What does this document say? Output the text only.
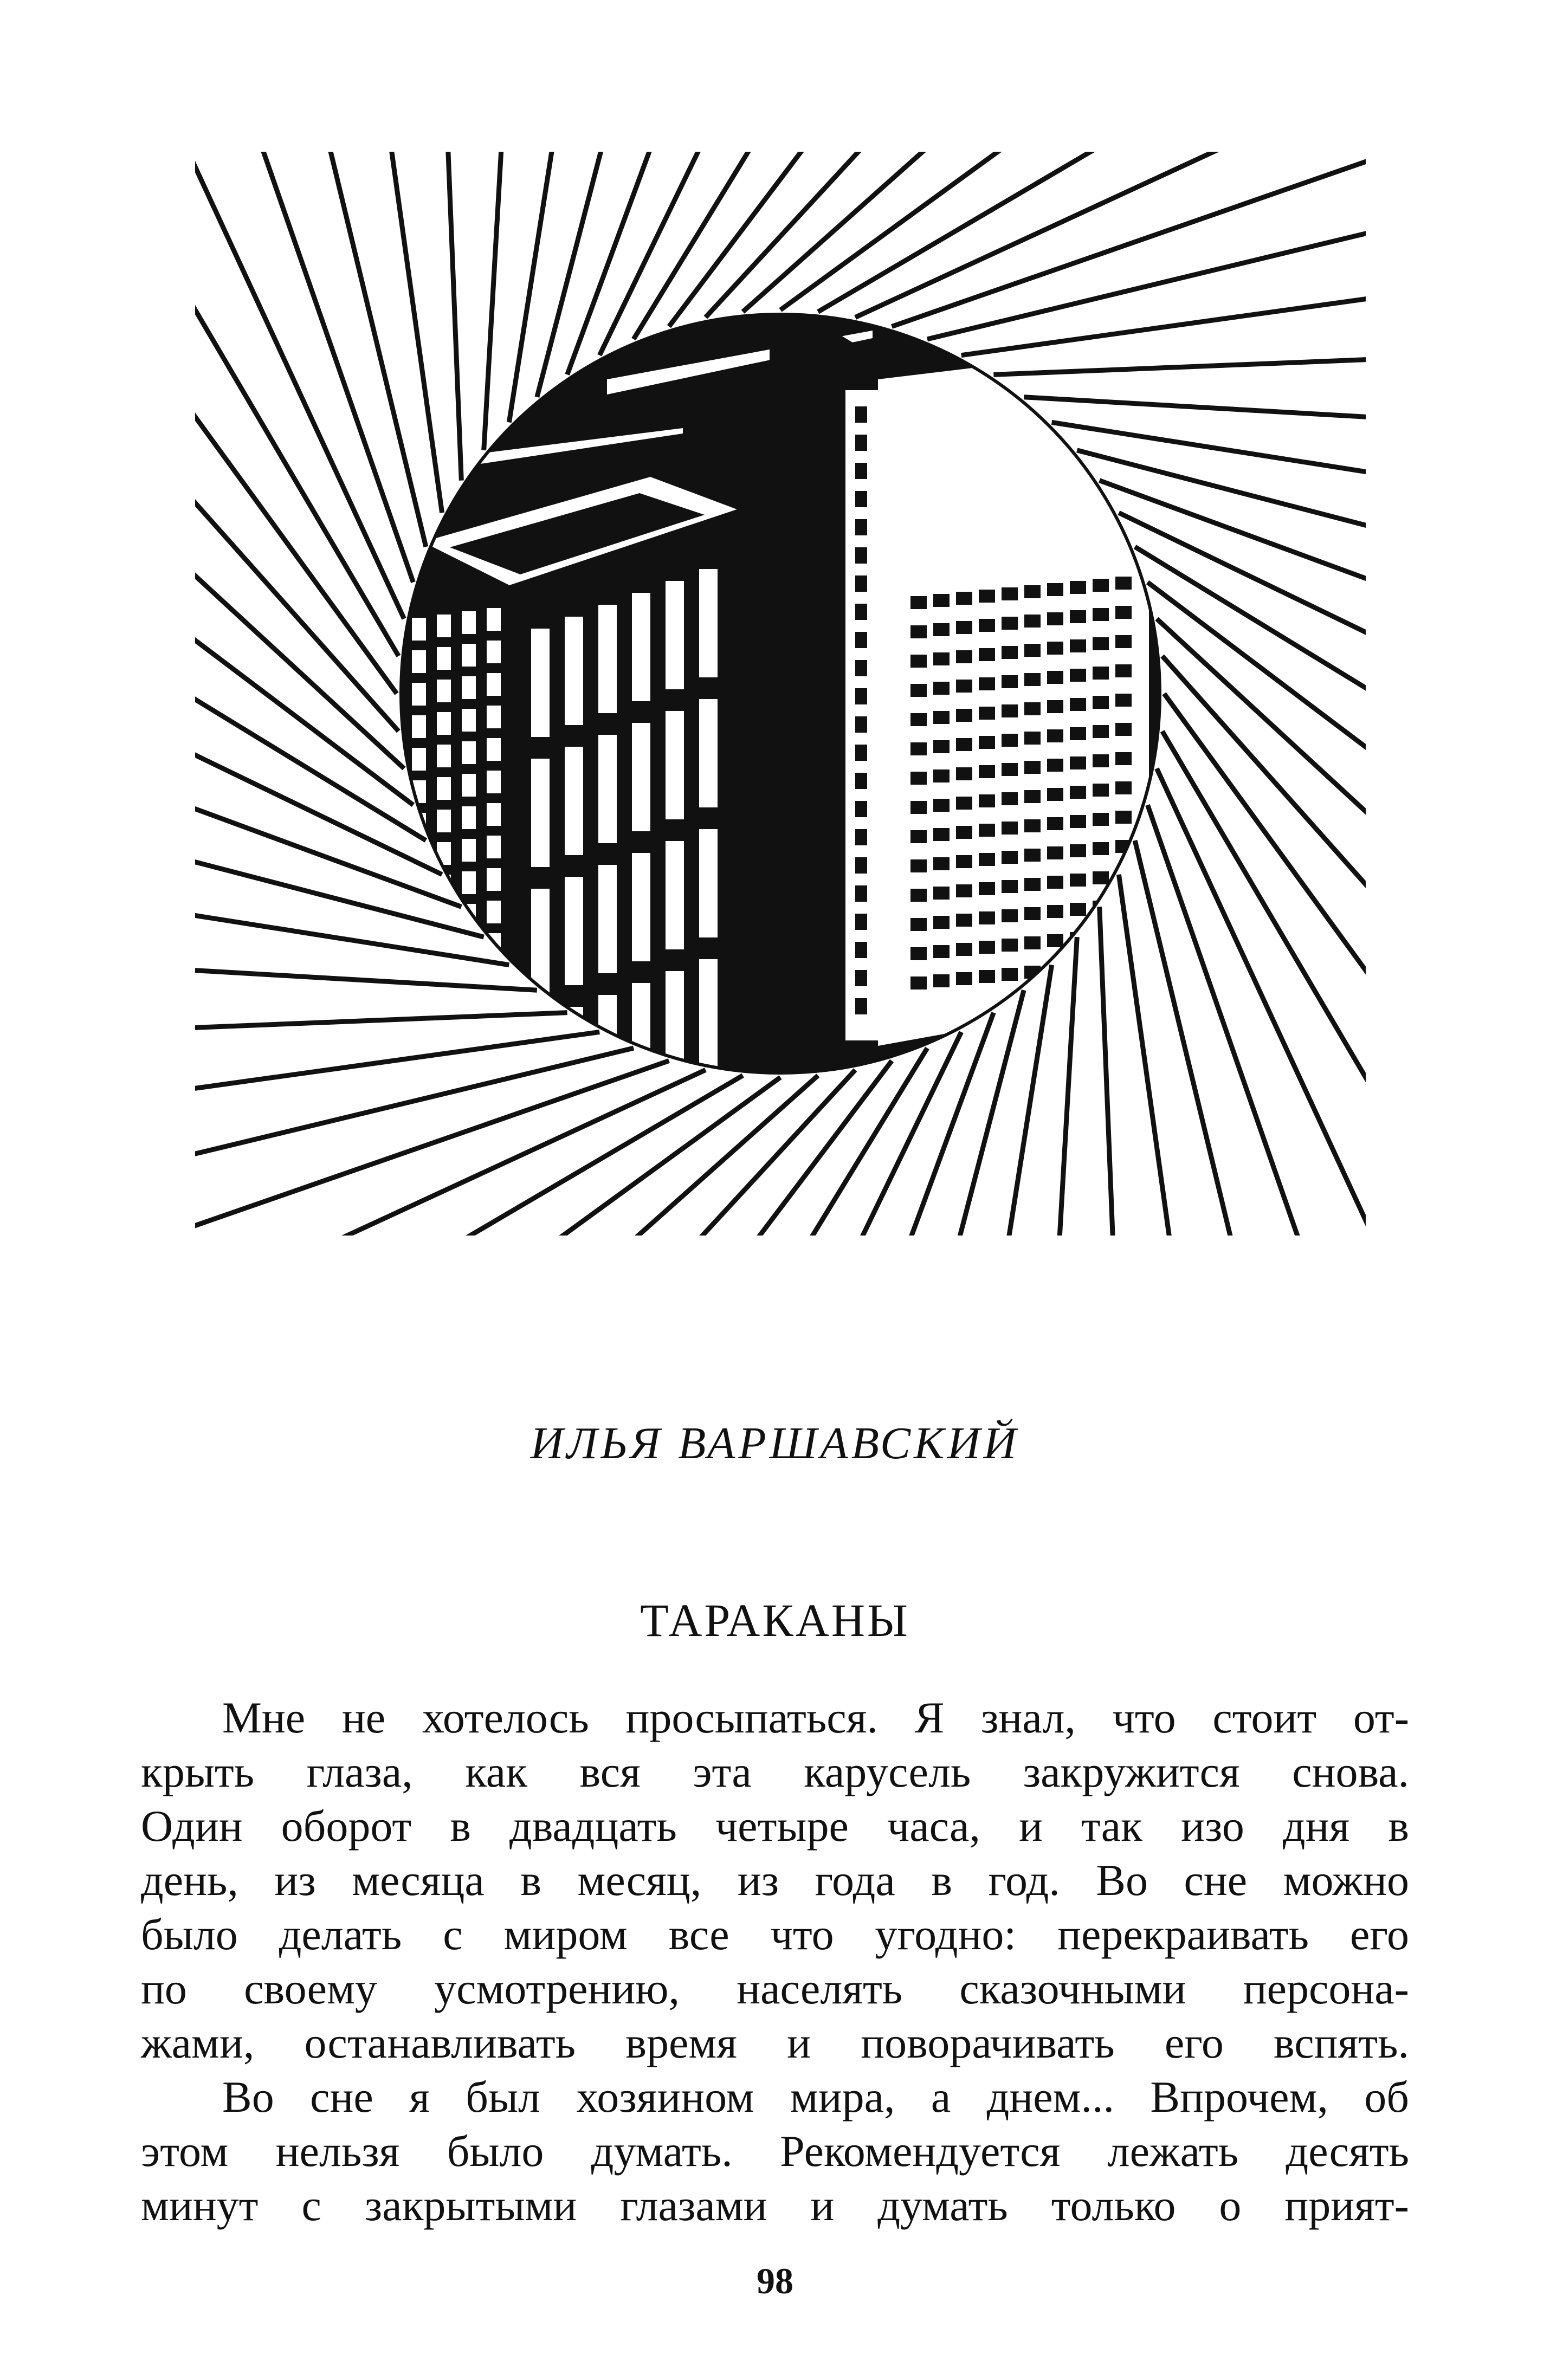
ИЛЬЯ ВАРШАВСКИЙ
ТАРАКАНЫ
Мне не хотелось просыпаться. Я знал, что стоит от-
крыть глаза, как вся эта карусель закружится снова.
Один оборот в двадцать четыре часа, и так изо дня в
день, из месяца в месяц, из года в год. Во сне можно
было делать с миром все что угодно: перекраивать его
по своему усмотрению, населять сказочными персона-
жами, останавливать время и поворачивать его вспять.
Во сне я был хозяином мира, а днем... Впрочем, об
этом нельзя было думать. Рекомендуется лежать десять
минут с закрытыми глазами и думать только о прият-
98
